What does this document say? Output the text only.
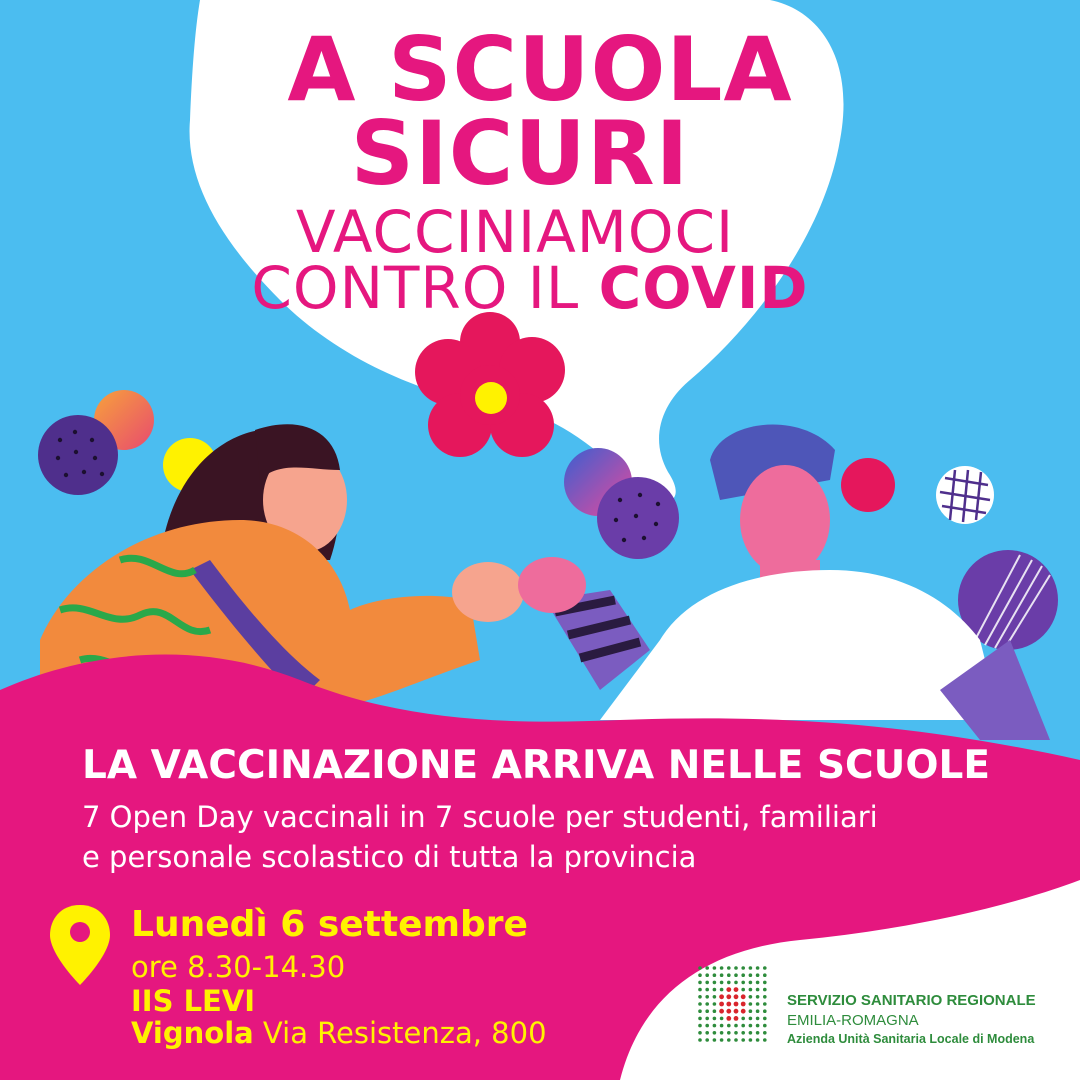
A SCUOLA

SICURI

VACCINIAMOCI

CONTRO IL COVID

LA VACCINAZIONE ARRIVA NELLE SCUOLE

7 Open Day vaccinali in 7 scuole per studenti, familiari

e personale scolastico di tutta la provincia

Lunedì 6 settembre

ore 8.30-14.30

IIS LEVI

Vignola Via Resistenza, 800

SERVIZIO SANITARIO REGIONALE

EMILIA-ROMAGNA

Azienda Unità Sanitaria Locale di Modena
